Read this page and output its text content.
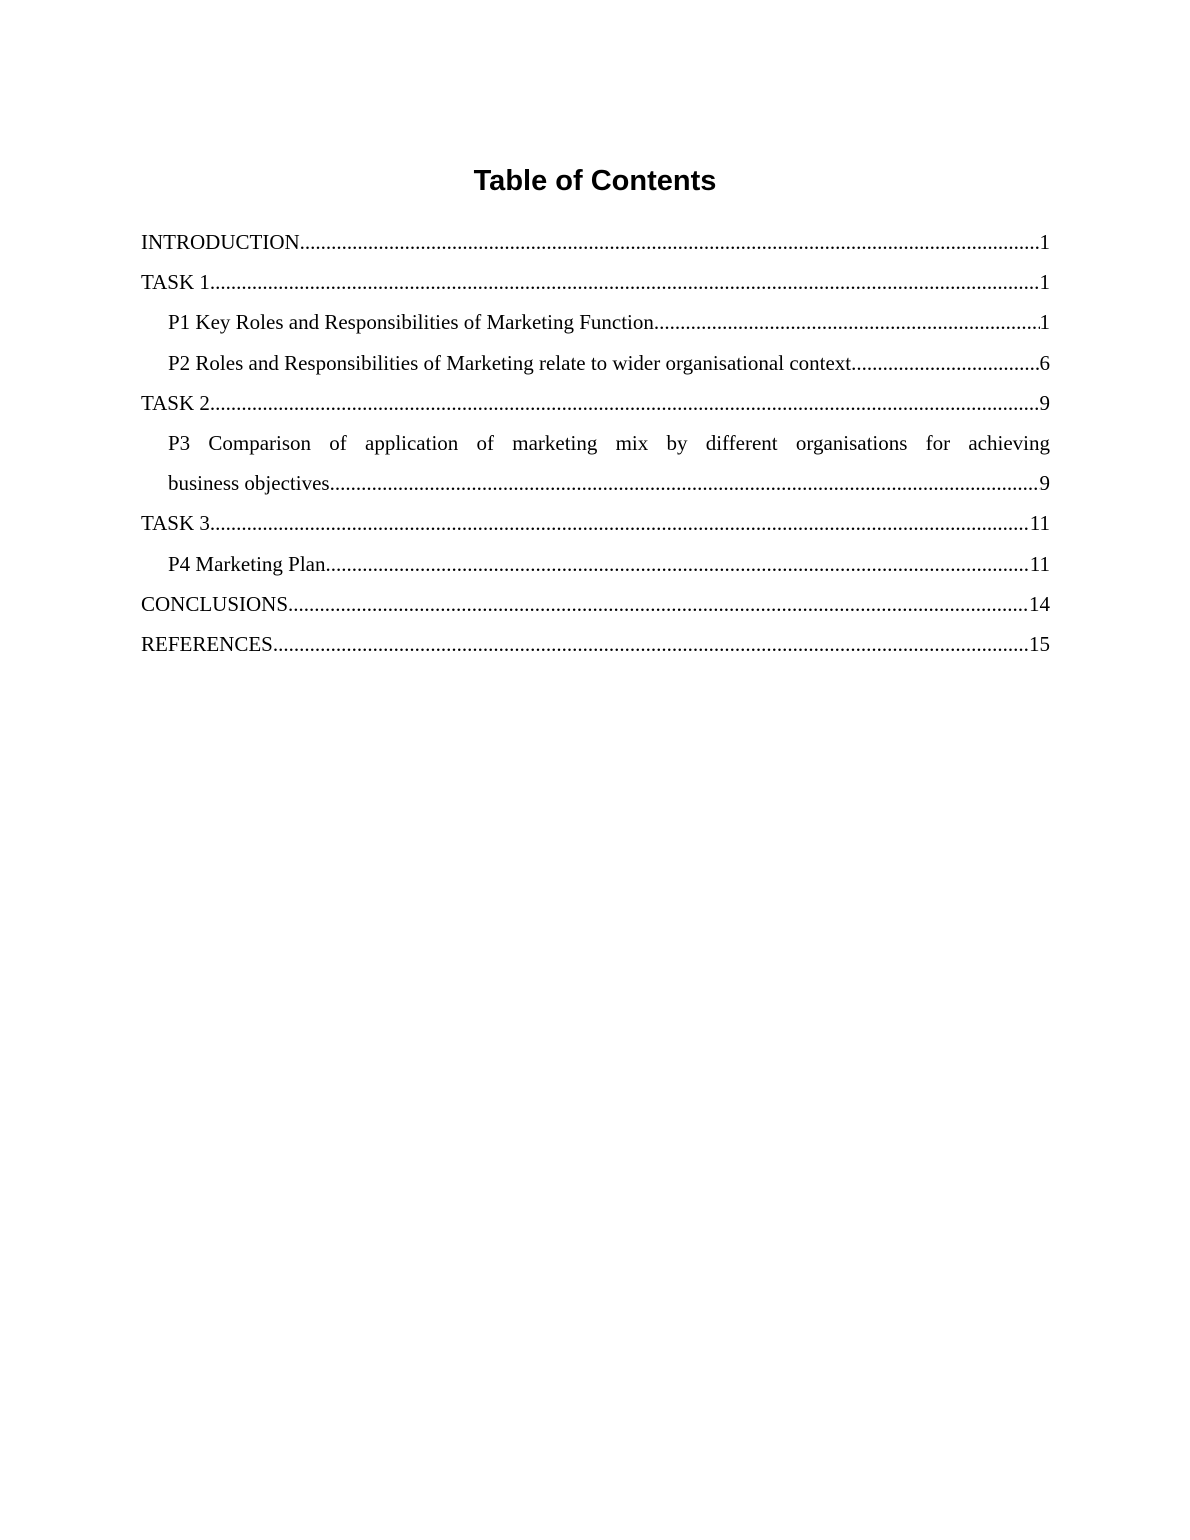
Table of Contents
INTRODUCTION .....	1
TASK 1 .....	1
P1 Key Roles and Responsibilities of Marketing Function .....	1
P2 Roles and Responsibilities of Marketing relate to wider organisational context .....	6
TASK 2 .....	9
P3 Comparison of application of marketing mix by different organisations for achieving
business objectives .....	9
TASK 3 .....	11
P4 Marketing Plan .....	11
CONCLUSIONS .....	14
REFERENCES .....	15
